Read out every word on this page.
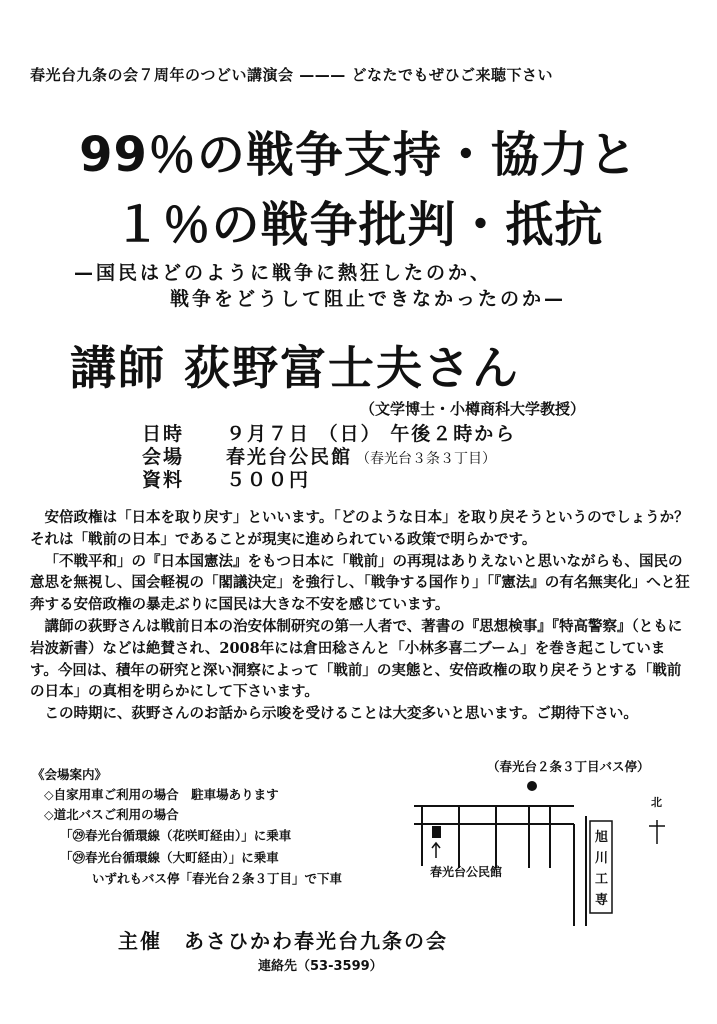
春光台九条の会７周年のつどい講演会 ——— どなたでもぜひご来聴下さい
99％の戦争支持・協力と
１％の戦争批判・抵抗
—国民はどのように戦争に熱狂したのか、
戦争をどうして阻止できなかったのか—
講師 荻野富士夫さん
（文学博士・小樽商科大学教授）
日時 ９月７日 （日） 午後２時から
会場 春光台公民館 （春光台３条３丁目）
資料 ５００円

安倍政権は「日本を取り戻す」といいます。「どのような日本」を取り戻そうというのでしょうか？　それは「戦前の日本」であることが現実に進められている政策で明らかです。

「不戦平和」の『日本国憲法』をもつ日本に「戦前」の再現はありえないと思いながらも、国民の意思を無視し、国会軽視の「閣議決定」を強行し、「戦争する国作り」「『憲法』の有名無実化」へと狂奔する安倍政権の暴走ぶりに国民は大きな不安を感じています。

講師の荻野さんは戦前日本の治安体制研究の第一人者で、著書の『思想検事』『特高警察』（ともに岩波新書）などは絶賛され、2008年には倉田稔さんと「小林多喜二ブーム」を巻き起こしています。今回は、積年の研究と深い洞察によって「戦前」の実態と、安倍政権の取り戻そうとする「戦前の日本」の真相を明らかにして下さいます。

この時期に、荻野さんのお話から示唆を受けることは大変多いと思います。ご期待下さい。

《会場案内》
◇自家用車ご利用の場合　駐車場あります
◇道北バスご利用の場合
「㉙春光台循環線（花咲町経由）」に乗車
「㉙春光台循環線（大町経由）」に乗車
いずれもバス停「春光台２条３丁目」で下車
（春光台２条３丁目バス停）
春光台公民館
旭川工専
北
主催　あさひかわ春光台九条の会
連絡先（53-3599）
